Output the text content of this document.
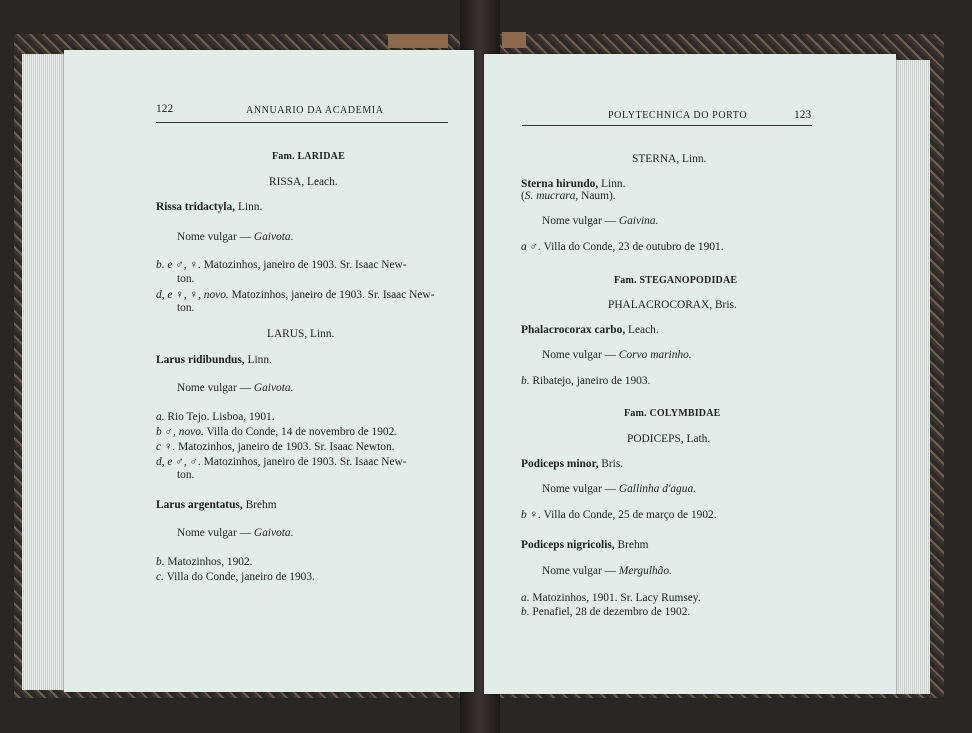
122	ANNUARIO DA ACADEMIA
Fam. LARIDAE
RISSA, Leach.
Rissa tridactyla, Linn.
Nome vulgar — Gaivota.
b. e ♂, ♀. Matozinhos, janeiro de 1903. Sr. Isaac New-
ton.
d, e ♀, ♀, novo. Matozinhos, janeiro de 1903. Sr. Isaac New-
ton.
LARUS, Linn.
Larus ridibundus, Linn.
Nome vulgar — Gaivota.
a. Rio Tejo. Lisboa, 1901.
b ♂, novo. Villa do Conde, 14 de novembro de 1902.
c ♀. Matozinhos, janeiro de 1903. Sr. Isaac Newton.
d, e ♂, ♂. Matozinhos, janeiro de 1903. Sr. Isaac New-
ton.
Larus argentatus, Brehm
Nome vulgar — Gaivota.
b. Matozinhos, 1902.
c. Villa do Conde, janeiro de 1903.
POLYTECHNICA DO PORTO	123
STERNA, Linn.
Sterna hirundo, Linn.
(S. mucrara, Naum).
Nome vulgar — Gaivina.
a ♂. Villa do Conde, 23 de outubro de 1901.
Fam. STEGANOPODIDAE
PHALACROCORAX, Bris.
Phalacrocorax carbo, Leach.
Nome vulgar — Corvo marinho.
b. Ribatejo, janeiro de 1903.
Fam. COLYMBIDAE
PODICEPS, Lath.
Podiceps minor, Bris.
Nome vulgar — Gallinha d'agua.
b ♀. Villa do Conde, 25 de março de 1902.
Podiceps nigricolis, Brehm
Nome vulgar — Mergulhão.
a. Matozinhos, 1901. Sr. Lacy Rumsey.
b. Penafiel, 28 de dezembro de 1902.
